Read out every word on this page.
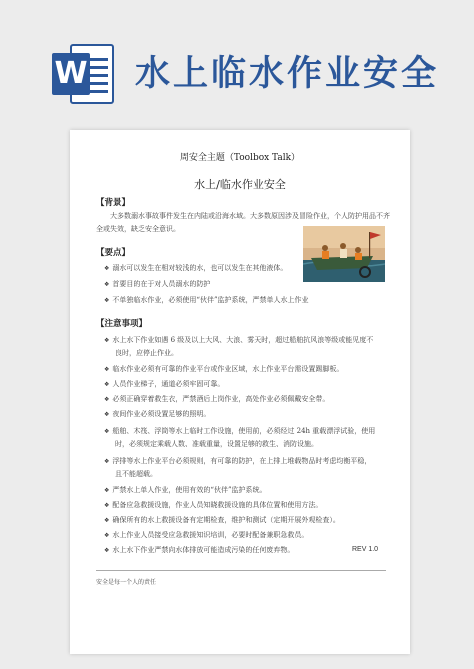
W 水上临水作业安全
周安全主题（Toolbox Talk）
水上/临水作业安全
【背景】
大多数溺水事故事件发生在内陆或沿海水域。大多数原因涉及冒险作业，个人防护用品不齐全或失效，缺乏安全意识。
【要点】
❖ 溺水可以发生在相对较浅的水，也可以发生在其他液体。
❖ 首要目的在于对人员溺水的防护
❖ 不单独临水作业，必须使用“伙伴”监护系统，严禁单人水上作业
【注意事项】
❖ 水上水下作业如遇 6 级及以上大风、大浪、雾天时，超过船舶抗风浪等级或能见度不
良时，应停止作业。
❖ 临水作业必须有可靠的作业平台或作业区域，水上作业平台需设置踢脚板。
❖ 人员作业梯子，通道必须牢固可靠。
❖ 必须正确穿着救生衣，严禁酒后上岗作业，高处作业必须佩戴安全带。
❖ 夜间作业必须设置足够的照明。
❖ 船舶、木筏、浮筒等水上临时工作设施，使用前，必须经过 24h 重载漂浮试验，使用
时，必须规定乘载人数、准载重量，设置足够的救生、消防设施。
❖ 浮排等水上作业平台必须规则，有可靠的防护，在上排上堆载物品时考虑均衡平稳，
且不能超载。
❖ 严禁水上单人作业，使用有效的“伙伴”监护系统。
❖ 配备应急救援设施，作业人员知晓救援设施的具体位置和使用方法。
❖ 确保所有的水上救援设备有定期检查，维护和测试（定期开展外观检查）。
❖ 水上作业人员接受应急救援知识培训，必要时配备兼职急救员。
❖ 水上水下作业严禁向水体排放可能造成污染的任何废弃物。	REV 1.0
安全是每一个人的责任
